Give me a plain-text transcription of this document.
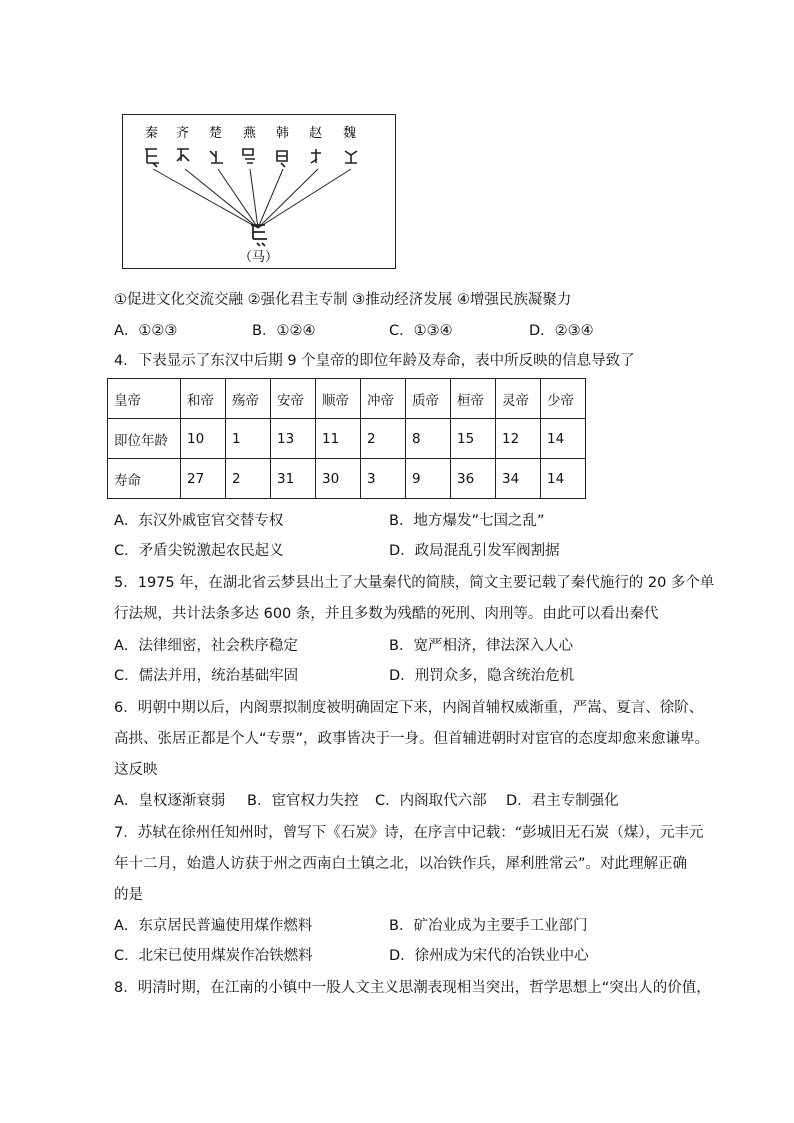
秦 齐 楚 燕 韩 赵 魏
（马）
①促进文化交流交融 ②强化君主专制 ③推动经济发展 ④增强民族凝聚力
A．①②③	B．①②④	C．①③④	D．②③④
4．下表显示了东汉中后期 9 个皇帝的即位年龄及寿命，表中所反映的信息导致了
皇帝	和帝	殇帝	安帝	顺帝	冲帝	质帝	桓帝	灵帝	少帝
即位年龄	10	1	13	11	2	8	15	12	14
寿命	27	2	31	30	3	9	36	34	14
A．东汉外戚宦官交替专权	B．地方爆发”七国之乱”
C．矛盾尖锐激起农民起义	D．政局混乱引发军阀割据
5．1975 年，在湖北省云梦县出土了大量秦代的简牍，简文主要记载了秦代施行的 20 多个单
行法规，共计法条多达 600 条，并且多数为残酷的死刑、肉刑等。由此可以看出秦代
A．法律细密，社会秩序稳定	B．宽严相济，律法深入人心
C．儒法并用，统治基础牢固	D．刑罚众多，隐含统治危机
6．明朝中期以后，内阁票拟制度被明确固定下来，内阁首辅权威渐重，严嵩、夏言、徐阶、
高拱、张居正都是个人“专票”，政事皆决于一身。但首辅进朝时对宦官的态度却愈来愈谦卑。
这反映
A．皇权逐渐衰弱 B．宦官权力失控 C．内阁取代六部 D．君主专制强化
7．苏轼在徐州任知州时，曾写下《石炭》诗，在序言中记载：“彭城旧无石炭（煤），元丰元
年十二月，始遣人访获于州之西南白土镇之北，以冶铁作兵，犀利胜常云”。对此理解正确
的是
A．东京居民普遍使用煤作燃料	B．矿冶业成为主要手工业部门
C．北宋已使用煤炭作冶铁燃料	D．徐州成为宋代的冶铁业中心
8．明清时期，在江南的小镇中一股人文主义思潮表现相当突出，哲学思想上“突出人的价值，
